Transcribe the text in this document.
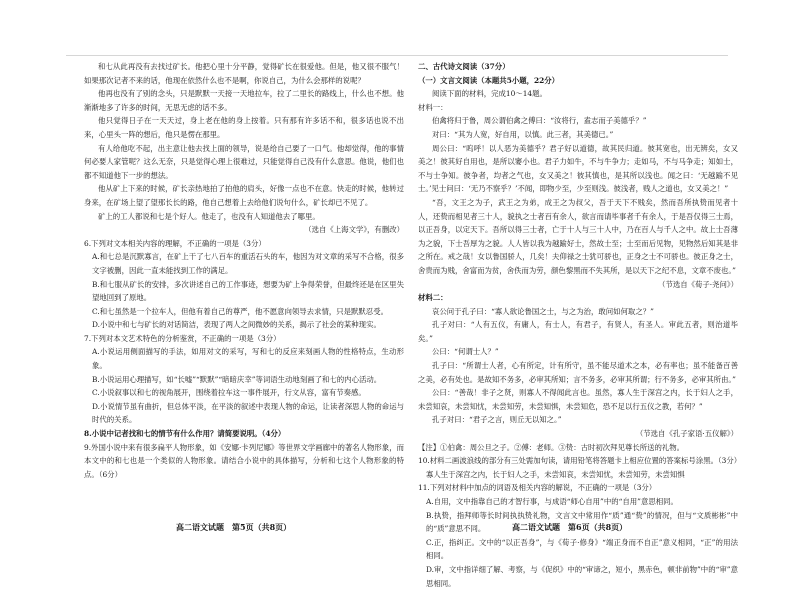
和七从此再没有去找过矿长。他把心里十分平静，觉得矿长在很爱他。但是，他又很不服气！如果那次记者不来的话，他现在依然什么也不是啊，你说自己，为什么会那样的说呢？

他再也没有了别的念头，只是默默一天接一天地拉车，拉了二里长的路线上，什么也不想。他渐渐地多了许多的时间，无思无虑的话不多。

他只觉得日子在一天天过，身上老在他的身上按着。只有那有许多话不和，很多话也说不出来，心里头一阵的想后，他只是愣在那里。

有人给他吃不起，出主意让他去找上面的领导，说是给自己要了一口气。他却觉得，他的事情何必要人家管呢？这么无奈，只是觉得心理上很难过，只能觉得自己没有什么意思。他说，他们也都不知道他下一步的想法。

他从矿上下来的时候，矿长亲热地拍了拍他的肩头，好像一点也不在意。快走的时候，他转过身来，在矿场上望了望那长长的路，他自己想着上去给他们说句什么，矿长却已不见了。

矿上的工人都说和七是个好人。他走了，也没有人知道他去了哪里。

（选自《上海文学》，有删改）

6.下列对文本相关内容的理解，不正确的一项是（3分）

A.和七总是沉默寡言，在矿上干了七八百车的重活石头的车，他因为对文章的采写不合格，很多文字被删，因此一直未能找到工作的满足。

B.和七服从矿长的安排，多次讲述自己的工作事迹，想要为矿上争得荣誉，但最终还是在区里失望地回到了原地。

C.和七虽然是一个拉车人，但他有着自己的尊严，他不愿意向领导去求情，只是默默忍受。

D.小说中和七与矿长的对话简洁，表现了两人之间微妙的关系，揭示了社会的某种现实。

7.下列对本文艺术特色的分析鉴赏，不正确的一项是（3分）

A.小说运用侧面描写的手法，如用对文的采写，写和七的反应来刻画人物的性格特点，生动形象。

B.小说运用心理描写，如“长嘘”“默默”“暗暗庆幸”等词语生动地刻画了和七的内心活动。

C.小说叙事以和七的视角展开，围绕着拉车这一事件展开，行文从容，富有节奏感。

D.小说情节虽有曲折，但总体平淡，在平淡的叙述中表现人物的命运，让读者深思人物的命运与时代的关系。

8.小说中记者找和七的情节有什么作用？请简要说明。（4分）

9.外国小说中来有很多扁平人物形象，如《安娜·卡列尼娜》等世界文学画廊中的著名人物形象，而本文中的和七也是一个类似的人物形象。请结合小说中的具体描写，分析和七这个人物形象的特点。（6分）

二、古代诗文阅读（37分）

（一）文言文阅读（本题共5小题，22分）

阅读下面的材料，完成10～14题。

材料一：

伯禽将归于鲁，周公谓伯禽之傅曰：“汝将行，盍志而子美德乎？”

对曰：“其为人宽，好自用，以慎。此三者，其美德已。”

周公曰：“呜呼！以人恶为美德乎？君子好以道德，故其民归道。彼其宽也，出无辨矣，女又美之！彼其好自用也，是所以窭小也。君子力如牛，不与牛争力；走如马，不与马争走；知如士，不与士争知。彼争者，均者之气也，女又美之！彼其慎也，是其所以浅也。闻之曰：‘无越踰不见士。’见士问曰：‘无乃不察乎？’不闻，即物少至，少至则浅。彼浅者，贱人之道也，女又美之！”

“吾，文王之为子，武王之为弟，成王之为叔父，吾于天下不贱矣，然而吾所执贽而见者十人，还贽而相见者三十人，貌执之士者百有余人，欲言而请毕事者千有余人，于是吾仅得三士焉，以正吾身，以定天下。吾所以得三士者，亡于十人与三十人中，乃在百人与千人之中。故上士吾薄为之貌，下士吾厚为之貌。人人皆以我为越踰好士，然故士至；士至而后见物，见物然后知其是非之所在。戒之哉！女以鲁国骄人，几矣！夫仰禄之士犹可骄也，正身之士不可骄也。彼正身之士，舍贵而为贱，舍富而为贫，舍佚而为劳，颜色黎黑而不失其所，是以天下之纪不息，文章不废也。”

（节选自《荀子·尧问》）

材料二：

哀公问于孔子曰：“寡人欲论鲁国之士，与之为治，敢问如何取之？”

孔子对曰：“人有五仪，有庸人，有士人，有君子，有贤人，有圣人。审此五者，则治道毕矣。”

公曰：“何谓士人？”

孔子曰：“所谓士人者，心有所定，计有所守，虽不能尽道术之本，必有率也；虽不能备百善之美，必有处也。是故知不务多，必审其所知；言不务多，必审其所谓；行不务多，必审其所由。”

公曰：“善哉！非子之贤，则寡人不得闻此言也。虽然，寡人生于深宫之内，长于妇人之手，未尝知哀，未尝知忧，未尝知劳，未尝知惧，未尝知危，恐不足以行五仪之教，若何？”

孔子对曰：“君子之言，则丘无以知之。”

（节选自《孔子家语·五仪解》）

【注】①伯禽：周公旦之子。②傅：老师。③贽：古时初次拜见尊长所送的礼物。

10.材料二画波浪线的部分有三处需加句读，请用铅笔将答题卡上相应位置的答案标号涂黑。（3分）

寡人生于深宫之内，长于妇人之手，未尝知哀，未尝知忧，未尝知劳，未尝知惧

11.下列对材料中加点的词语及相关内容的解说，不正确的一项是（3分）

A.自用，文中指靠自己的才智行事，与成语“师心自用”中的“自用”意思相同。

B.执贽，指拜师等长时间执执贽礼物，文言文中常用作“质”通“贽”的情况，但与“文质彬彬”中的“质”意思不同。

C.正，指纠正。文中的“以正吾身”，与《荀子·修身》“端正身而不自正”意义相同，“正”的用法相同。

D.审，文中指详细了解、考察，与《促织》中的“审谛之，短小，黑赤色，顿非前物”中的“审”意思相同。

高二语文试题　第5页（共8页）	高二语文试题　第6页（共8页）
